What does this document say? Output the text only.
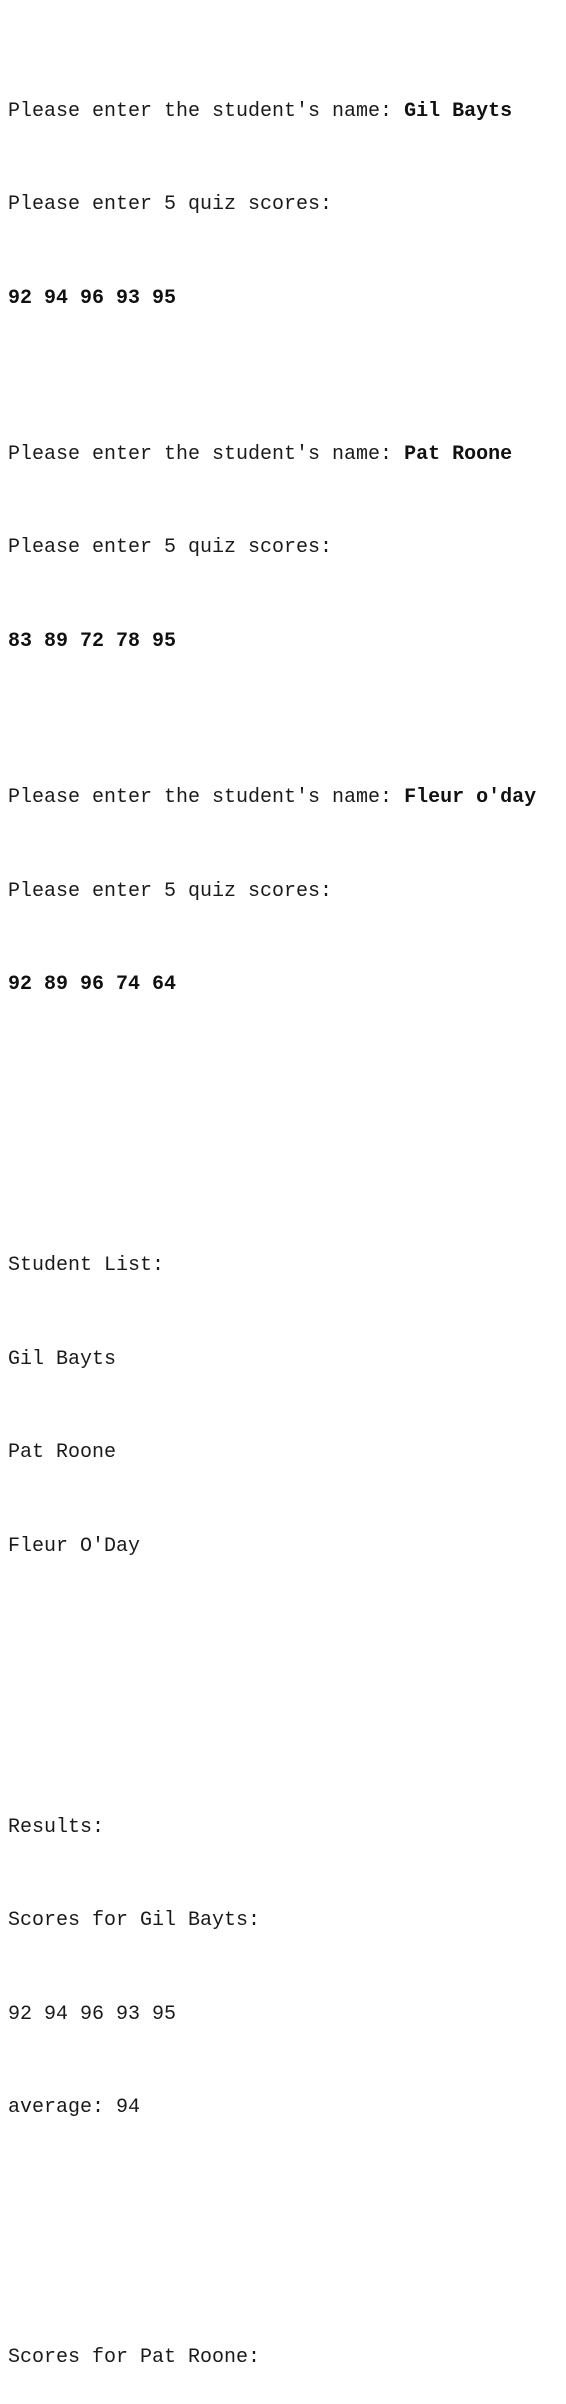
Please enter the student's name: Gil Bayts

Please enter 5 quiz scores:

92 94 96 93 95

Please enter the student's name: Pat Roone

Please enter 5 quiz scores:

83 89 72 78 95

Please enter the student's name: Fleur o'day

Please enter 5 quiz scores:

92 89 96 74 64

Student List:

Gil Bayts

Pat Roone

Fleur O'Day

Results:

Scores for Gil Bayts:

92 94 96 93 95

average: 94

Scores for Pat Roone:
